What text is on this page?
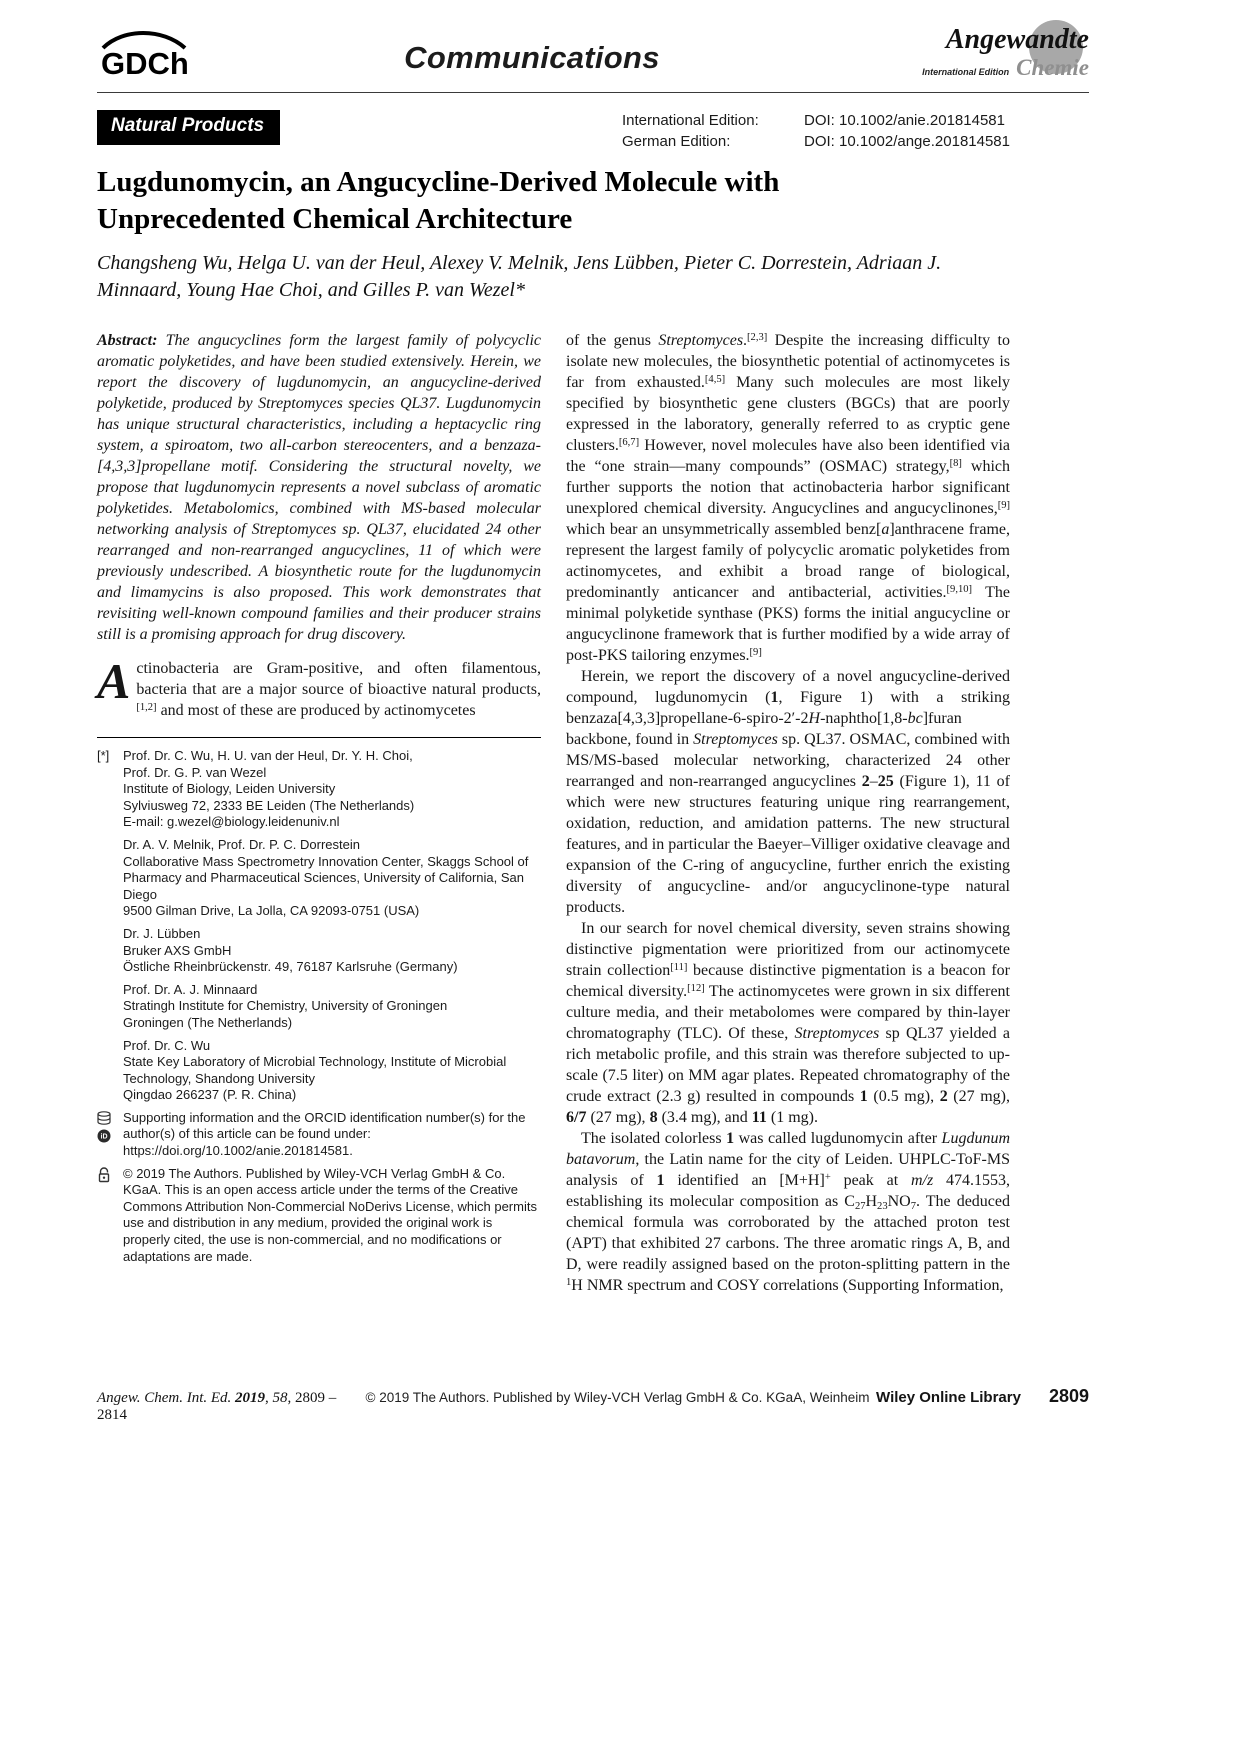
GDCh	Communications
Angewandte
International Edition Chemie
Natural Products	International Edition:	DOI: 10.1002/anie.201814581
German Edition:	DOI: 10.1002/ange.201814581
Lugdunomycin, an Angucycline-Derived Molecule with Unprecedented Chemical Architecture
Changsheng Wu, Helga U. van der Heul, Alexey V. Melnik, Jens Lübben, Pieter C. Dorrestein, Adriaan J. Minnaard, Young Hae Choi, and Gilles P. van Wezel*

Abstract: The angucyclines form the largest family of polycyclic aromatic polyketides, and have been studied extensively. Herein, we report the discovery of lugdunomycin, an angucycline-derived polyketide, produced by Streptomyces species QL37. Lugdunomycin has unique structural characteristics, including a heptacyclic ring system, a spiroatom, two all-carbon stereocenters, and a benzaza-[4,3,3]propellane motif. Considering the structural novelty, we propose that lugdunomycin represents a novel subclass of aromatic polyketides. Metabolomics, combined with MS-based molecular networking analysis of Streptomyces sp. QL37, elucidated 24 other rearranged and non-rearranged angucyclines, 11 of which were previously undescribed. A biosynthetic route for the lugdunomycin and limamycins is also proposed. This work demonstrates that revisiting well-known compound families and their producer strains still is a promising approach for drug discovery.

Actinobacteria are Gram-positive, and often filamentous, bacteria that are a major source of bioactive natural products,[1,2] and most of these are produced by actinomycetes

[*]	Prof. Dr. C. Wu, H. U. van der Heul, Dr. Y. H. Choi,
Prof. Dr. G. P. van Wezel
Institute of Biology, Leiden University
Sylviusweg 72, 2333 BE Leiden (The Netherlands)
E-mail: g.wezel@biology.leidenuniv.nl
Dr. A. V. Melnik, Prof. Dr. P. C. Dorrestein
Collaborative Mass Spectrometry Innovation Center, Skaggs School of Pharmacy and Pharmaceutical Sciences, University of California, San Diego
9500 Gilman Drive, La Jolla, CA 92093-0751 (USA)
Dr. J. Lübben
Bruker AXS GmbH
Östliche Rheinbrückenstr. 49, 76187 Karlsruhe (Germany)
Prof. Dr. A. J. Minnaard
Stratingh Institute for Chemistry, University of Groningen
Groningen (The Netherlands)
Prof. Dr. C. Wu
State Key Laboratory of Microbial Technology, Institute of Microbial Technology, Shandong University
Qingdao 266237 (P. R. China)
iD
Supporting information and the ORCID identification number(s) for the author(s) of this article can be found under:
https://doi.org/10.1002/anie.201814581.
© 2019 The Authors. Published by Wiley-VCH Verlag GmbH & Co. KGaA. This is an open access article under the terms of the Creative Commons Attribution Non-Commercial NoDerivs License, which permits use and distribution in any medium, provided the original work is properly cited, the use is non-commercial, and no modifications or adaptations are made.

of the genus Streptomyces.[2,3] Despite the increasing difficulty to isolate new molecules, the biosynthetic potential of actinomycetes is far from exhausted.[4,5] Many such molecules are most likely specified by biosynthetic gene clusters (BGCs) that are poorly expressed in the laboratory, generally referred to as cryptic gene clusters.[6,7] However, novel molecules have also been identified via the “one strain—many compounds” (OSMAC) strategy,[8] which further supports the notion that actinobacteria harbor significant unexplored chemical diversity. Angucyclines and angucyclinones,[9] which bear an unsymmetrically assembled benz[a]anthracene frame, represent the largest family of polycyclic aromatic polyketides from actinomycetes, and exhibit a broad range of biological, predominantly anticancer and antibacterial, activities.[9,10] The minimal polyketide synthase (PKS) forms the initial angucycline or angucyclinone framework that is further modified by a wide array of post-PKS tailoring enzymes.[9]

Herein, we report the discovery of a novel angucycline-derived compound, lugdunomycin (1, Figure 1) with a striking benzaza[4,3,3]propellane-6-spiro-2′-2H-naphtho[1,8-bc]furan backbone, found in Streptomyces sp. QL37. OSMAC, combined with MS/MS-based molecular networking, characterized 24 other rearranged and non-rearranged angucyclines 2–25 (Figure 1), 11 of which were new structures featuring unique ring rearrangement, oxidation, reduction, and amidation patterns. The new structural features, and in particular the Baeyer–Villiger oxidative cleavage and expansion of the C-ring of angucycline, further enrich the existing diversity of angucycline- and/or angucyclinone-type natural products.

In our search for novel chemical diversity, seven strains showing distinctive pigmentation were prioritized from our actinomycete strain collection[11] because distinctive pigmentation is a beacon for chemical diversity.[12] The actinomycetes were grown in six different culture media, and their metabolomes were compared by thin-layer chromatography (TLC). Of these, Streptomyces sp QL37 yielded a rich metabolic profile, and this strain was therefore subjected to up-scale (7.5 liter) on MM agar plates. Repeated chromatography of the crude extract (2.3 g) resulted in compounds 1 (0.5 mg), 2 (27 mg), 6/7 (27 mg), 8 (3.4 mg), and 11 (1 mg).

The isolated colorless 1 was called lugdunomycin after Lugdunum batavorum, the Latin name for the city of Leiden. UHPLC-ToF-MS analysis of 1 identified an [M+H]+ peak at m/z 474.1553, establishing its molecular composition as $C_{27}H_{23}NO_7$. The deduced chemical formula was corroborated by the attached proton test (APT) that exhibited 27 carbons. The three aromatic rings A, B, and D, were readily assigned based on the proton-splitting pattern in the $^1$H NMR spectrum and COSY correlations (Supporting Information,

Angew. Chem. Int. Ed. 2019, 58, 2809 –2814
© 2019 The Authors. Published by Wiley-VCH Verlag GmbH & Co. KGaA, Weinheim Wiley Online Library 2809
